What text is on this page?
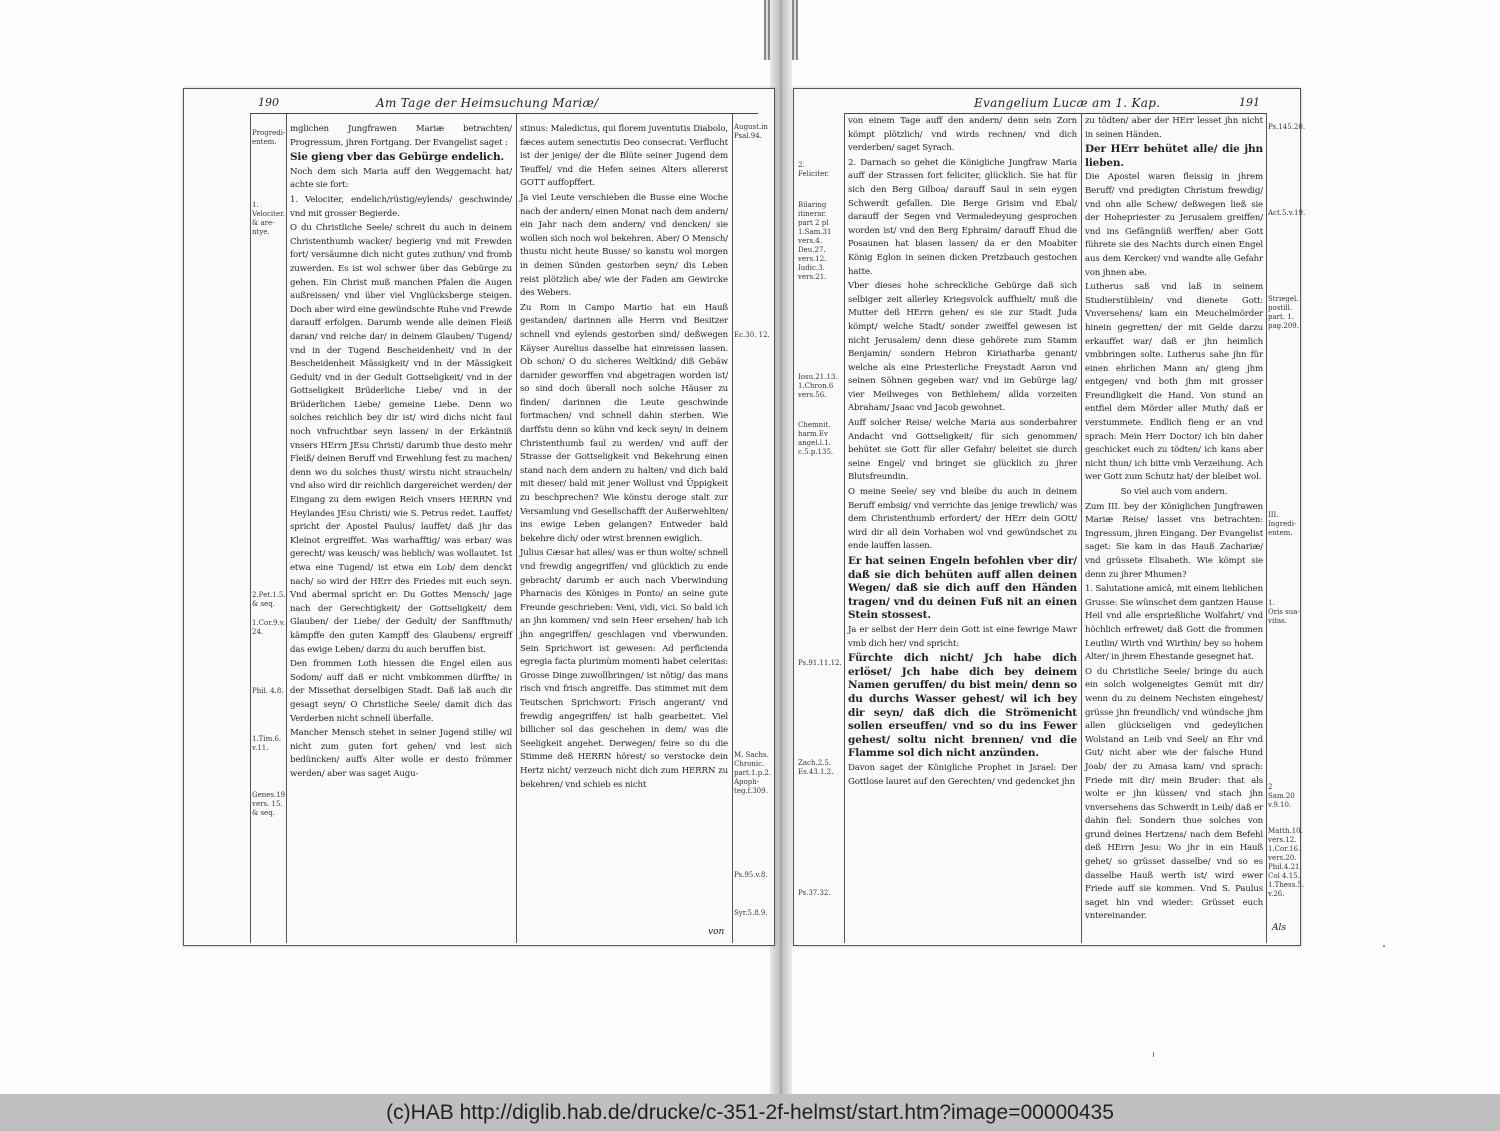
190	Am Tage der Heimsuchung Mariæ/
Progredi-
entem.
1.
Velociter.
& are-
ntye.
2.Pet.1.5.
& seq.
1.Cor.9.v.
24.
Phil. 4.8.
1.Tim.6.
v.11.
Genes.19.
vers. 15.
& seq.

mglichen Jungfrawen Mariæ betrachten/ Progressum, jhren Fortgang. Der Evangelist saget :

Sie gieng vber das Gebürge endelich.

Noch dem sich Maria auff den Weggemacht hat/ achte sie fort:

1. Velociter, endelich/rüstig/eylends/ geschwinde/ vnd mit grosser Begierde.

O du Christliche Seele/ schreit du auch in deinem Christenthumb wacker/ begierig vnd mit Frewden fort/ versäumne dich nicht gutes zuthun/ vnd fromb zuwerden. Es ist wol schwer über das Gebürge zu gehen. Ein Christ muß manchen Pfalen die Augen außreissen/ vnd über viel Vnglücksberge steigen. Doch aber wird eine gewündschte Ruhe vnd Frewde darauff erfolgen. Darumb wende alle deinen Fleiß daran/ vnd reiche dar/ in deinem Glauben/ Tugend/ vnd in der Tugend Bescheidenheit/ vnd in der Bescheidenheit Mässigkeit/ vnd in der Mässigkeit Gedult/ vnd in der Gedult Gottseligkeit/ vnd in der Gottseligkeit Brüderliche Liebe/ vnd in der Brüderlichen Liebe/ gemeine Liebe. Denn wo solches reichlich bey dir ist/ wird dichs nicht faul noch vnfruchtbar seyn lassen/ in der Erkäntniß vnsers HErrn JEsu Christi/ darumb thue desto mehr Fleiß/ deinen Beruff vnd Erwehlung fest zu machen/ denn wo du solches thust/ wirstu nicht straucheln/ vnd also wird dir reichlich dargereichet werden/ der Eingang zu dem ewigen Reich vnsers HERRN vnd Heylandes JEsu Christi/ wie S. Petrus redet. Lauffet/ spricht der Apostel Paulus/ lauffet/ daß jhr das Kleinot ergreiffet. Was warhafftig/ was erbar/ was gerecht/ was keusch/ was lieblich/ was wollautet. Ist etwa eine Tugend/ ist etwa ein Lob/ dem denckt nach/ so wird der HErr des Friedes mit euch seyn. Vnd abermal spricht er: Du Gottes Mensch/ jage nach der Gerechtigkeit/ der Gottseligkeit/ dem Glauben/ der Liebe/ der Gedult/ der Sanfftmuth/ kämpffe den guten Kampff des Glaubens/ ergreiff das ewige Leben/ darzu du auch beruffen bist.

Den frommen Loth hiessen die Engel eilen aus Sodom/ auff daß er nicht vmbkommen dürffte/ in der Missethat derselbigen Stadt. Daß laß auch dir gesagt seyn/ O Christliche Seele/ damit dich das Verderben nicht schnell überfalle.

Mancher Mensch stehet in seiner Jugend stille/ wil nicht zum guten fort gehen/ vnd lest sich bedüncken/ auffs Alter wolle er desto frömmer werden/ aber was saget Augu-

stinus: Maledictus, qui florem juventutis Diabolo, fæces autem senectutis Deo consecrat: Verflucht ist der jenige/ der die Blüte seiner Jugend dem Teuffel/ vnd die Hefen seines Alters allererst GOTT auffopffert.

Ja viel Leute verschieben die Busse eine Woche nach der andern/ einen Monat nach dem andern/ ein Jahr nach dem andern/ vnd dencken/ sie wollen sich noch wol bekehren. Aber/ O Mensch/ thustu nicht heute Busse/ so kanstu wol morgen in deinen Sünden gestorben seyn/ dis Leben reist plötzlich abe/ wie der Faden am Gewircke des Webers.

Zu Rom in Campo Martio hat ein Hauß gestanden/ darinnen alle Herrn vnd Besitzer schnell vnd eylends gestorben sind/ deßwegen Käyser Aurelius dasselbe hat einreissen lassen. Ob schon/ O du sicheres Weltkind/ diß Gebäw darnider geworffen vnd abgetragen worden ist/ so sind doch überall noch solche Häuser zu finden/ darinnen die Leute geschwinde fortmachen/ vnd schnell dahin sterben. Wie darffstu denn so kühn vnd keck seyn/ in deinem Christenthumb faul zu werden/ vnd auff der Strasse der Gottseligkeit vnd Bekehrung einen stand nach dem andern zu halten/ vnd dich bald mit dieser/ bald mit jener Wollust vnd Üppigkeit zu beschprechen? Wie könstu deroge stalt zur Versamlung vnd Gesellschafft der Außerwehlten/ ins ewige Leben gelangen? Entweder bald bekehre dich/ oder wirst brennen ewiglich.

Julius Cæsar hat alles/ was er thun wolte/ schnell vnd frewdig angegriffen/ vnd glücklich zu ende gebracht/ darumb er auch nach Vberwindung Pharnacis des Königes in Ponto/ an seine gute Freunde geschrieben: Veni, vidi, vici. So bald ich an jhn kommen/ vnd sein Heer ersehen/ hab ich jhn angegriffen/ geschlagen vnd vberwunden. Sein Sprichwort ist gewesen: Ad perficienda egregia facta plurimùm momenti habet celeritas: Grosse Dinge zuwollbringen/ ist nötig/ das mans risch vnd frisch angreiffe. Das stimmet mit dem Teutschen Sprichwort: Frisch angerant/ vnd frewdig angegriffen/ ist halb gearbeitet. Viel billicher sol das geschehen in dem/ was die Seeligkeit angehet. Derwegen/ feire so du die Stimme deß HERRN hörest/ so verstocke dein Hertz nicht/ verzeuch nicht dich zum HERRN zu bekehren/ vnd schieb es nicht

August.in
Psal.94.
Ec.30. 12.
M. Sachs.
Chronic.
part.1.p.2.
Apoph-
teg.f.309.
Ps.95.v.8.
Syr.5.8.9.
von
Evangelium Lucæ am 1. Kap.	191
2.
Feliciter.
Bilaring
itinerar.
part 2 pl
1.Sam.31
vers.4.
Deu.27.
vers.12.
Iudic.3.
vers.21.
Iosu.21.13.
1.Chron.6
vers.56.
Chemnit.
harm.Ev
angel.l.1.
c.5.p.135.
Ps.91.11.12.
Zach.2.5.
Es.43.1.2.
Ps.37.32.

von einem Tage auff den andern/ denn sein Zorn kömpt plötzlich/ vnd wirds rechnen/ vnd dich verderben/ saget Syrach.

2. Darnach so gehet die Königliche Jungfraw Maria auff der Strassen fort feliciter, glücklich. Sie hat für sich den Berg Gilboa/ darauff Saul in sein eygen Schwerdt gefallen. Die Berge Grisim vnd Ebal/ darauff der Segen vnd Vermaledeyung gesprochen worden ist/ vnd den Berg Ephraim/ darauff Ehud die Posaunen hat blasen lassen/ da er den Moabiter König Eglon in seinen dicken Pretzbauch gestochen hatte.

Vber dieses hohe schreckliche Gebürge daß sich selbiger zeit allerley Kriegsvolck auffhielt/ muß die Mutter deß HErrn gehen/ es sie zur Stadt Juda kömpt/ welche Stadt/ sonder zweiffel gewesen ist nicht Jerusalem/ denn diese gehörete zum Stamm Benjamin/ sondern Hebron Kiriatharba genant/ welche als eine Priesterliche Freystadt Aaron vnd seinen Söhnen gegeben war/ vnd im Gebürge lag/ vier Meilweges von Bethlehem/ allda vorzeiten Abraham/ Jsaac vnd Jacob gewohnet.

Auff solcher Reise/ welche Maria aus sonderbahrer Andacht vnd Gottseligkeit/ für sich genommen/ behütet sie Gott für aller Gefahr/ beleitet sie durch seine Engel/ vnd bringet sie glücklich zu jhrer Blutsfreundin.

O meine Seele/ sey vnd bleibe du auch in deinem Beruff embsig/ vnd verrichte das jenige trewlich/ was dem Christenthumb erfordert/ der HErr dein GOtt/ wird dir all dein Vorhaben wol vnd gewündschet zu ende lauffen lassen.

Er hat seinen Engeln befohlen vber dir/ daß sie dich behüten auff allen deinen Wegen/ daß sie dich auff den Händen tragen/ vnd du deinen Fuß nit an einen Stein stossest.

Ja er selbst der Herr dein Gott ist eine fewrige Mawr vmb dich her/ vnd spricht:

Fürchte dich nicht/ Jch habe dich erlöset/ Jch habe dich bey deinem Namen geruffen/ du bist mein/ denn so du durchs Wasser gehest/ wil ich bey dir seyn/ daß dich die Strömenicht sollen erseuffen/ vnd so du ins Fewer gehest/ soltu nicht brennen/ vnd die Flamme sol dich nicht anzünden.

Davon saget der Königliche Prophet in Jsrael: Der Gottlose lauret auf den Gerechten/ vnd gedencket jhn

zu tödten/ aber der HErr lesset jhn nicht in seinen Händen.

Der HErr behütet alle/ die jhn lieben.

Die Apostel waren fleissig in jhrem Beruff/ vnd predigten Christum frewdig/ vnd ohn alle Schew/ deßwegen ließ sie der Hohepriester zu Jerusalem greiffen/ vnd ins Gefängnüß werffen/ aber Gott führete sie des Nachts durch einen Engel aus dem Kercker/ vnd wandte alle Gefahr von jhnen abe.

Lutherus saß vnd laß in seinem Studierstüblein/ vnd dienete Gott: Vnversehens/ kam ein Meuchelmörder hinein gegretten/ der mit Gelde darzu erkauffet war/ daß er jhn heimlich vmbbringen solte. Lutherus sahe jhn für einen ehrlichen Mann an/ gieng jhm entgegen/ vnd both jhm mit grosser Freundligkeit die Hand. Von stund an entfiel dem Mörder aller Muth/ daß er verstummete. Endlich fieng er an vnd sprach: Mein Herr Doctor/ ich bin daher geschicket euch zu tödten/ ich kans aber nicht thun/ ich bitte vmb Verzeihung. Ach wer Gott zum Schutz hat/ der bleibet wol.

So viel auch vom andern.

Zum III. bey der Königlichen Jungfrawen Mariæ Reise/ lasset vns betrachten: Ingressum, jhren Eingang. Der Evangelist saget: Sie kam in das Hauß Zachariæ/ vnd grüssete Elisabeth. Wie kömpt sie denn zu jhrer Mhumen?

1. Salutatione amicâ, mit einem lieblichen Grusse: Sie wünschet dem gantzen Hause Heil vnd alle ersprießliche Wolfahrt/ vnd höchlich erfrewet/ daß Gott die frommen Leutlin/ Wirth vnd Wirthin/ bey so hohem Alter/ in jhrem Ehestande gesegnet hat.

O du Christliche Seele/ bringe du auch ein solch wolgeneigtes Gemüt mit dir/ wenn du zu deinem Nechsten eingehest/ grüsse jhn freundlich/ vnd wündsche jhm allen glückseligen vnd gedeylichen Wolstand an Leib vnd Seel/ an Ehr vnd Gut/ nicht aber wie der falsche Hund Joab/ der zu Amasa kam/ vnd sprach: Friede mit dir/ mein Bruder: that als wolte er jhn küssen/ vnd stach jhn vnversehens das Schwerdt in Leib/ daß er dahin fiel: Sondern thue solches von grund deines Hertzens/ nach dem Befehl deß HErrn Jesu: Wo jhr in ein Hauß gehet/ so grüsset dasselbe/ vnd so es dasselbe Hauß werth ist/ wird ewer Friede auff sie kommen. Vnd S. Paulus saget hin vnd wieder: Grüsset euch vntereinander.

Ps.145.20.
Act.5.v.19.
Striegel.
postill.
part. 1.
pag.209.
III.
Ingredi-
entem.
1.
Oris sua-
vitas.
2 Sam.20
v.9.10.
Matth.10.
vers.12.
1.Cor.16.
vers.20.
Phil.4.21.
Col 4.15.
1.Thess.5.
v.26.
Als
(c)HAB http://diglib.hab.de/drucke/c-351-2f-helmst/start.htm?image=00000435
